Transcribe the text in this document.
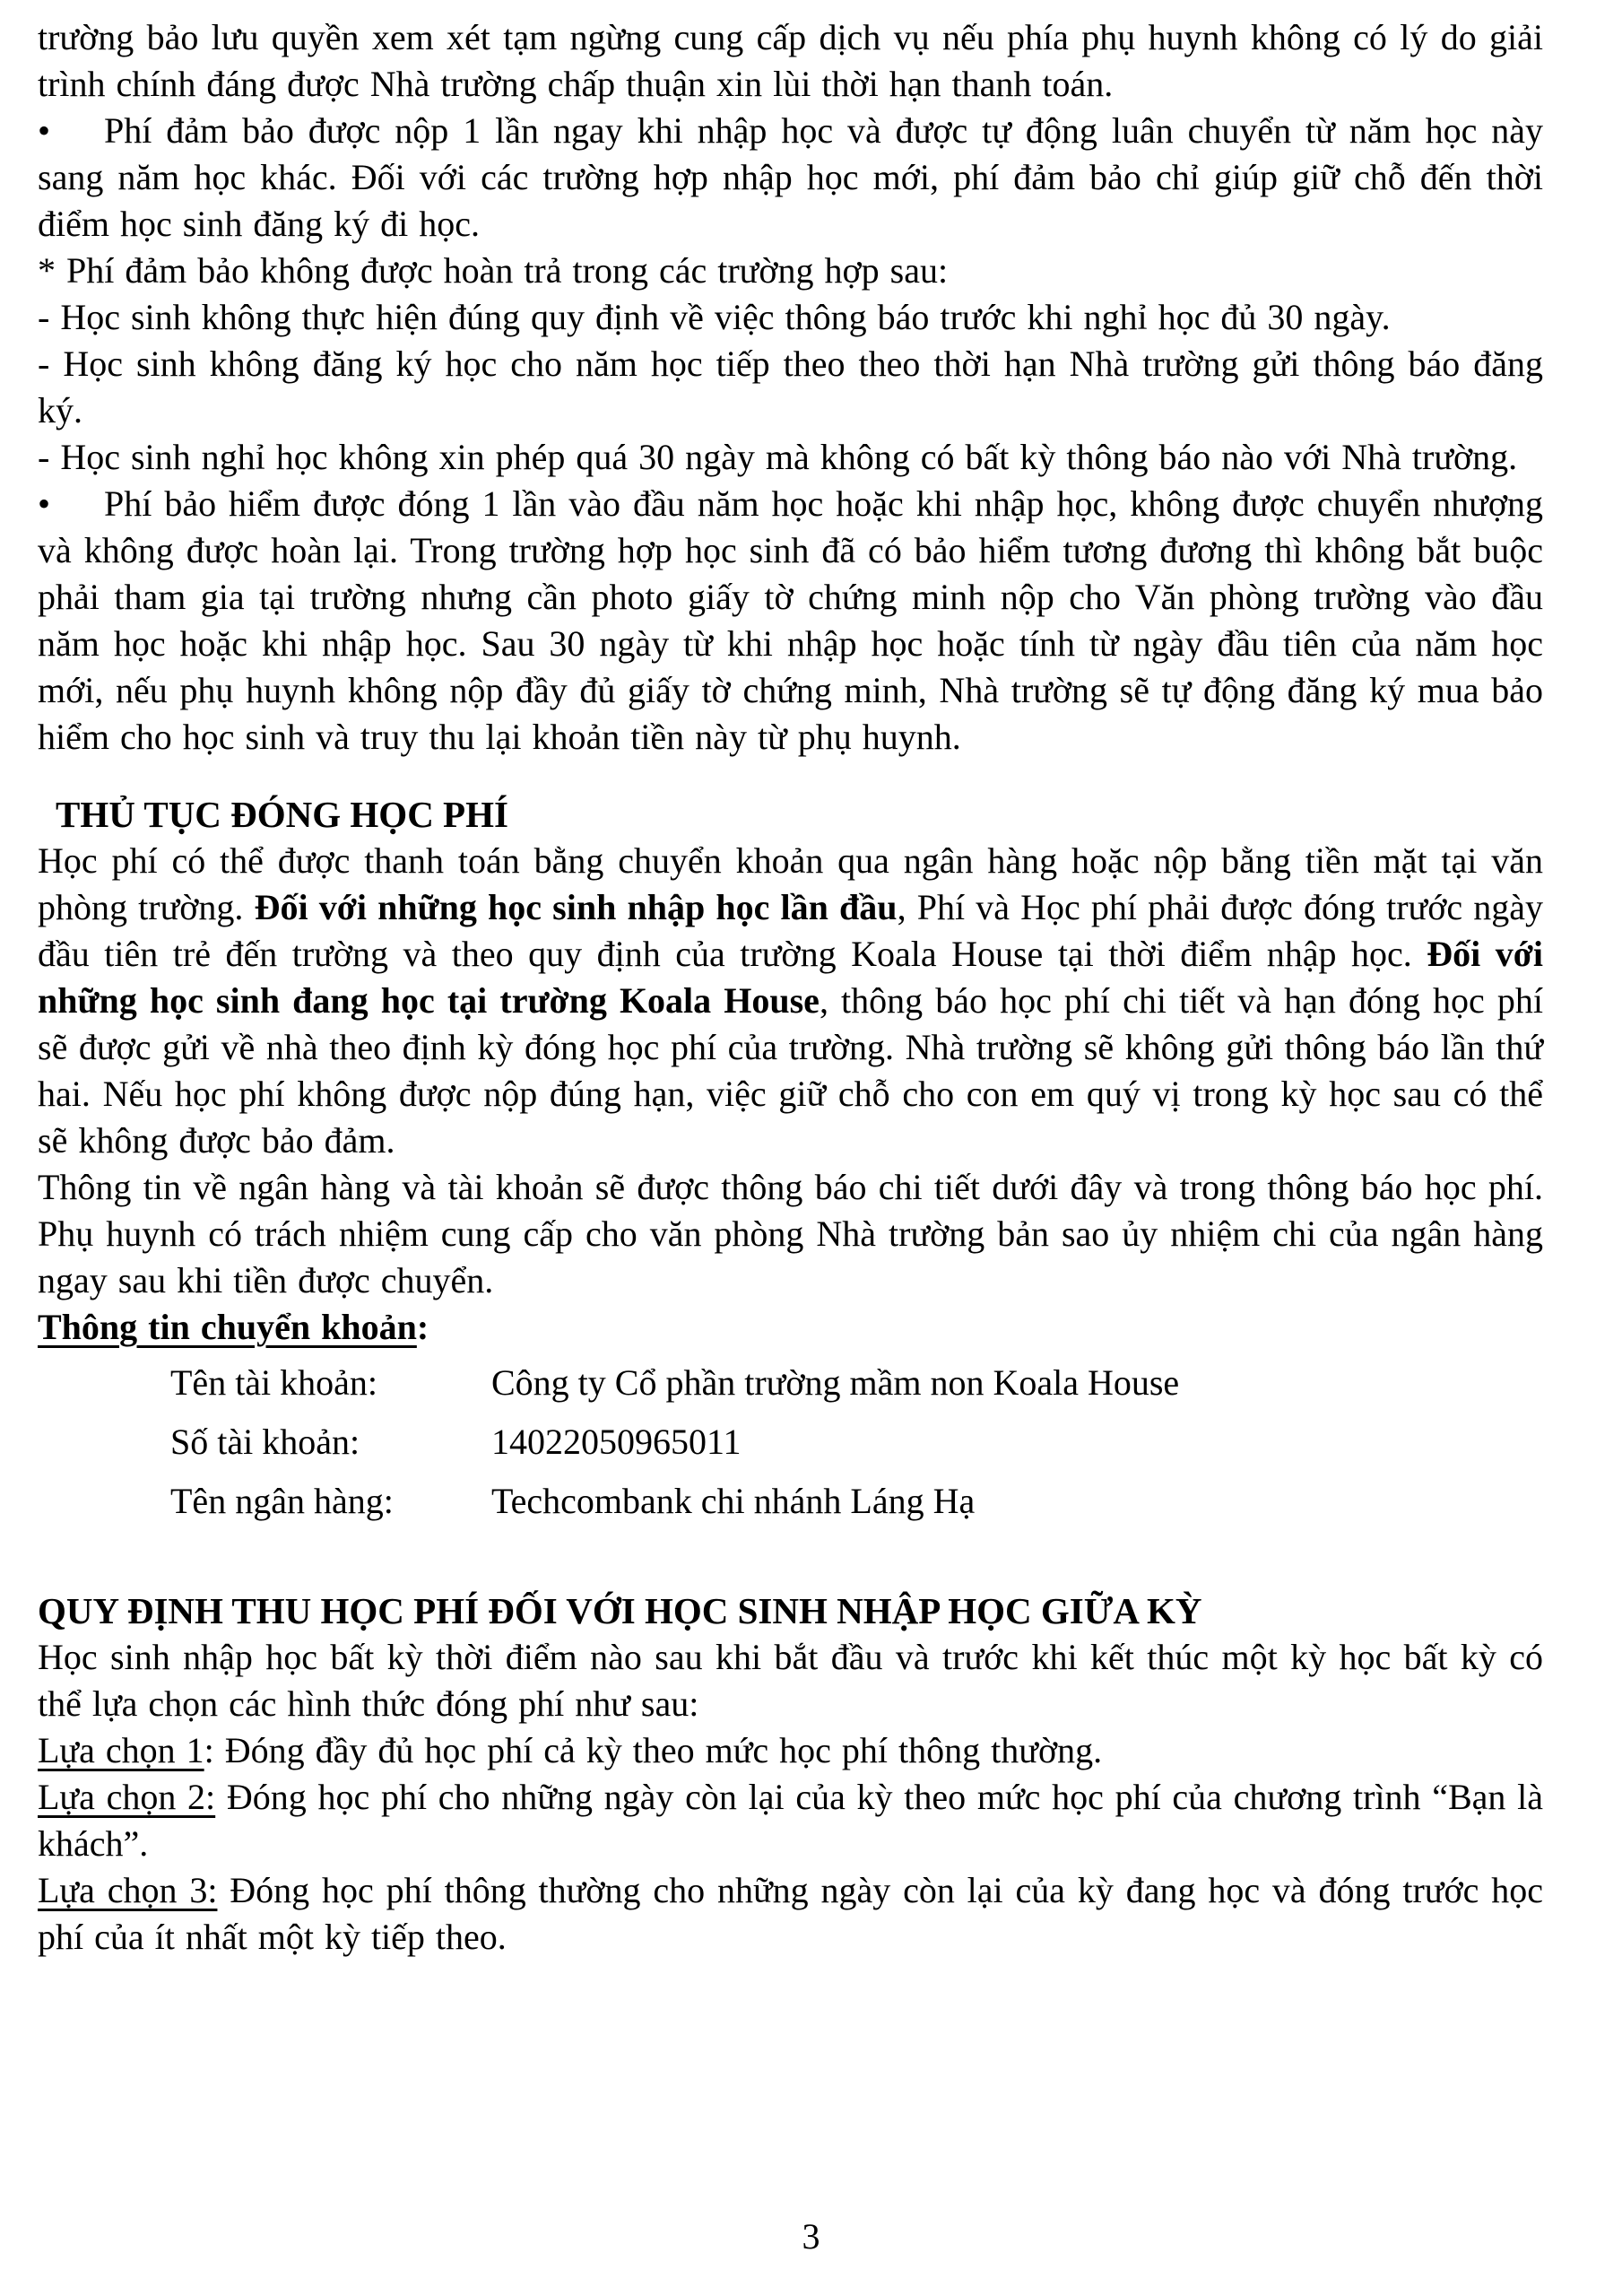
trường bảo lưu quyền xem xét tạm ngừng cung cấp dịch vụ nếu phía phụ huynh không có lý do giải trình chính đáng được Nhà trường chấp thuận xin lùi thời hạn thanh toán.

• Phí đảm bảo được nộp 1 lần ngay khi nhập học và được tự động luân chuyển từ năm học này sang năm học khác. Đối với các trường hợp nhập học mới, phí đảm bảo chỉ giúp giữ chỗ đến thời điểm học sinh đăng ký đi học.

* Phí đảm bảo không được hoàn trả trong các trường hợp sau:

- Học sinh không thực hiện đúng quy định về việc thông báo trước khi nghỉ học đủ 30 ngày.

- Học sinh không đăng ký học cho năm học tiếp theo theo thời hạn Nhà trường gửi thông báo đăng ký.

- Học sinh nghỉ học không xin phép quá 30 ngày mà không có bất kỳ thông báo nào với Nhà trường.

• Phí bảo hiểm được đóng 1 lần vào đầu năm học hoặc khi nhập học, không được chuyển nhượng và không được hoàn lại. Trong trường hợp học sinh đã có bảo hiểm tương đương thì không bắt buộc phải tham gia tại trường nhưng cần photo giấy tờ chứng minh nộp cho Văn phòng trường vào đầu năm học hoặc khi nhập học. Sau 30 ngày từ khi nhập học hoặc tính từ ngày đầu tiên của năm học mới, nếu phụ huynh không nộp đầy đủ giấy tờ chứng minh, Nhà trường sẽ tự động đăng ký mua bảo hiểm cho học sinh và truy thu lại khoản tiền này từ phụ huynh.

THỦ TỤC ĐÓNG HỌC PHÍ

Học phí có thể được thanh toán bằng chuyển khoản qua ngân hàng hoặc nộp bằng tiền mặt tại văn phòng trường. Đối với những học sinh nhập học lần đầu, Phí và Học phí phải được đóng trước ngày đầu tiên trẻ đến trường và theo quy định của trường Koala House tại thời điểm nhập học. Đối với những học sinh đang học tại trường Koala House, thông báo học phí chi tiết và hạn đóng học phí sẽ được gửi về nhà theo định kỳ đóng học phí của trường. Nhà trường sẽ không gửi thông báo lần thứ hai. Nếu học phí không được nộp đúng hạn, việc giữ chỗ cho con em quý vị trong kỳ học sau có thể sẽ không được bảo đảm.

Thông tin về ngân hàng và tài khoản sẽ được thông báo chi tiết dưới đây và trong thông báo học phí. Phụ huynh có trách nhiệm cung cấp cho văn phòng Nhà trường bản sao ủy nhiệm chi của ngân hàng ngay sau khi tiền được chuyển.

Thông tin chuyển khoản:

Tên tài khoản:	Công ty Cổ phần trường mầm non Koala House
Số tài khoản:	14022050965011
Tên ngân hàng:	Techcombank chi nhánh Láng Hạ
QUY ĐỊNH THU HỌC PHÍ ĐỐI VỚI HỌC SINH NHẬP HỌC GIỮA KỲ

Học sinh nhập học bất kỳ thời điểm nào sau khi bắt đầu và trước khi kết thúc một kỳ học bất kỳ có thể lựa chọn các hình thức đóng phí như sau:

Lựa chọn 1: Đóng đầy đủ học phí cả kỳ theo mức học phí thông thường.

Lựa chọn 2: Đóng học phí cho những ngày còn lại của kỳ theo mức học phí của chương trình “Bạn là khách”.

Lựa chọn 3: Đóng học phí thông thường cho những ngày còn lại của kỳ đang học và đóng trước học phí của ít nhất một kỳ tiếp theo.

3
